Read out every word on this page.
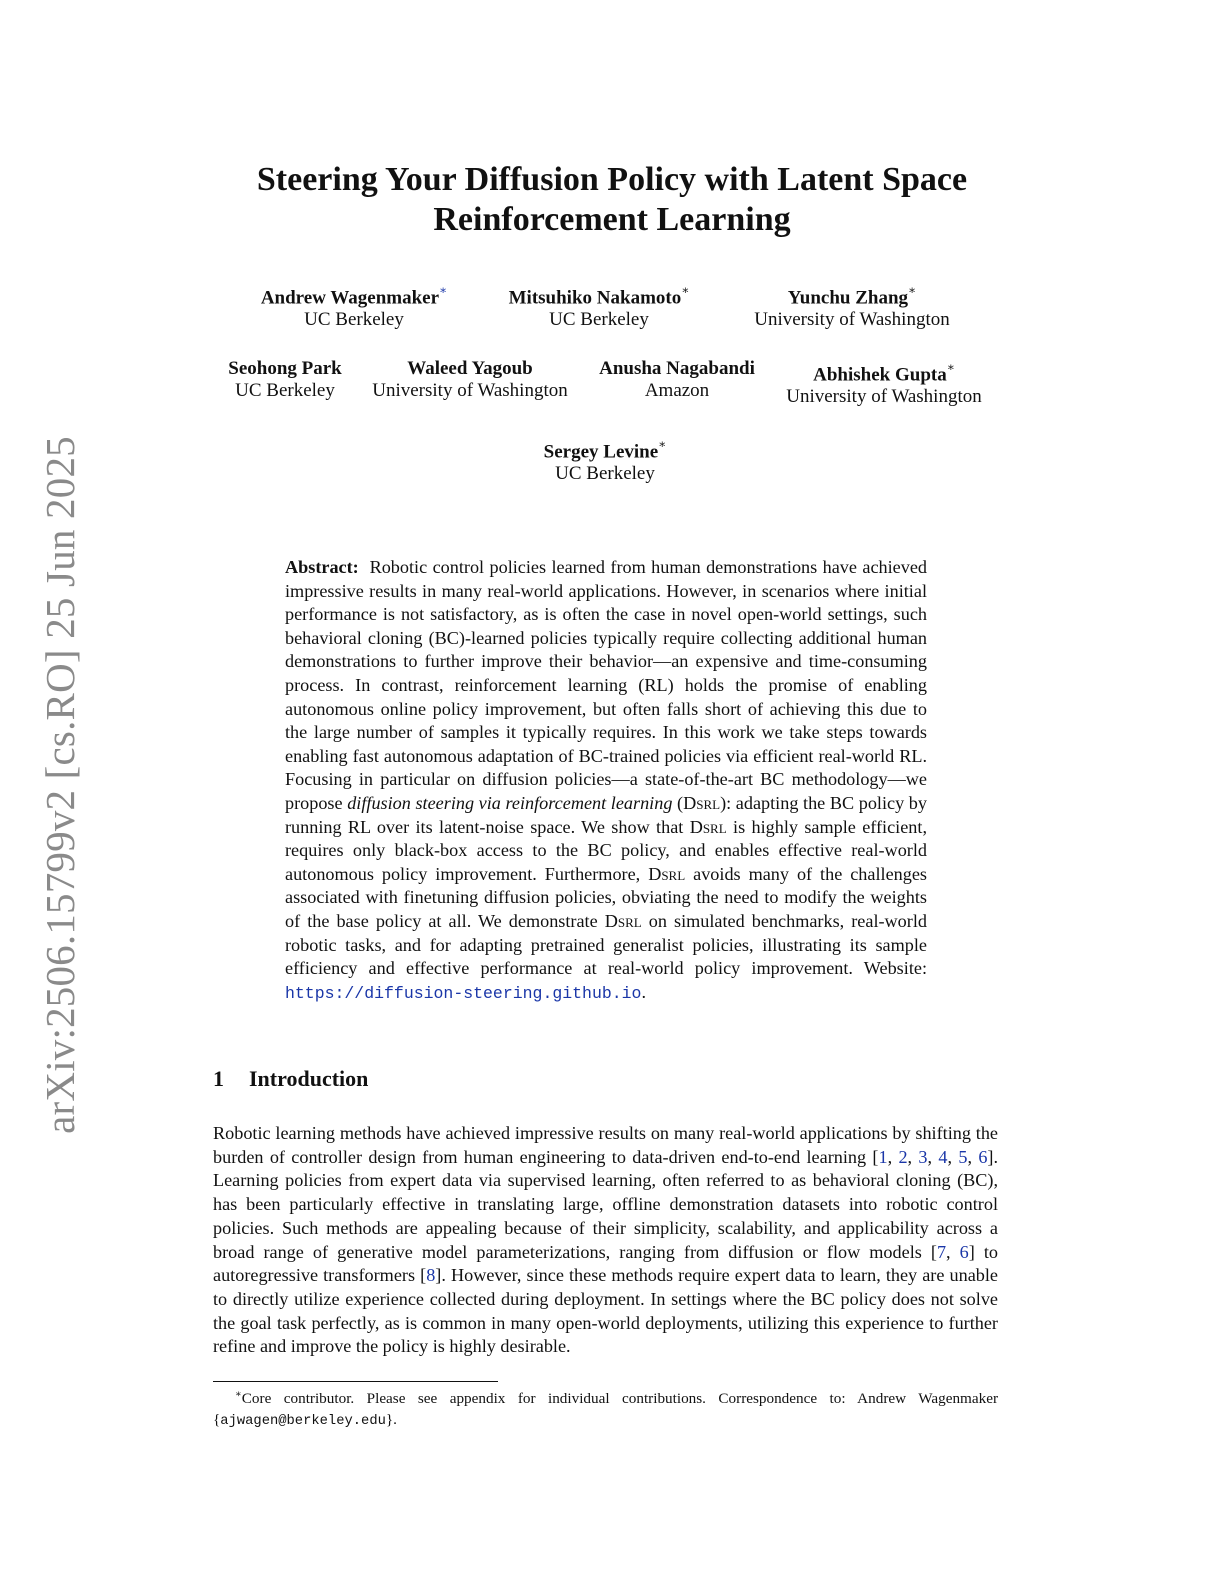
arXiv:2506.15799v2 [cs.RO] 25 Jun 2025
Steering Your Diffusion Policy with Latent Space
Reinforcement Learning
Andrew Wagenmaker∗
UC Berkeley
Mitsuhiko Nakamoto∗
UC Berkeley
Yunchu Zhang∗
University of Washington
Seohong Park
UC Berkeley
Waleed Yagoub
University of Washington
Anusha Nagabandi
Amazon
Abhishek Gupta∗
University of Washington
Sergey Levine∗
UC Berkeley
Abstract: Robotic control policies learned from human demonstrations have achieved impressive results in many real-world applications. However, in scenarios where initial performance is not satisfactory, as is often the case in novel open-world settings, such behavioral cloning (BC)-learned policies typically require collecting additional human demonstrations to further improve their behavior—an expensive and time-consuming process. In contrast, reinforcement learning (RL) holds the promise of enabling autonomous online policy improvement, but often falls short of achieving this due to the large number of samples it typically requires. In this work we take steps towards enabling fast autonomous adaptation of BC-trained policies via efficient real-world RL. Focusing in particular on diffusion policies—a state-of-the-art BC methodology—we propose diffusion steering via reinforcement learning (Dsrl): adapting the BC policy by running RL over its latent-noise space. We show that Dsrl is highly sample efficient, requires only black-box access to the BC policy, and enables effective real-world autonomous policy improvement. Furthermore, Dsrl avoids many of the challenges associated with finetuning diffusion policies, obviating the need to modify the weights of the base policy at all. We demonstrate Dsrl on simulated benchmarks, real-world robotic tasks, and for adapting pretrained generalist policies, illustrating its sample efficiency and effective performance at real-world policy improvement. Website: https://diffusion-steering.github.io.
1 Introduction
Robotic learning methods have achieved impressive results on many real-world applications by shifting the burden of controller design from human engineering to data-driven end-to-end learning [1, 2, 3, 4, 5, 6]. Learning policies from expert data via supervised learning, often referred to as behavioral cloning (BC), has been particularly effective in translating large, offline demonstration datasets into robotic control policies. Such methods are appealing because of their simplicity, scalability, and applicability across a broad range of generative model parameterizations, ranging from diffusion or flow models [7, 6] to autoregressive transformers [8]. However, since these methods require expert data to learn, they are unable to directly utilize experience collected during deployment. In settings where the BC policy does not solve the goal task perfectly, as is common in many open-world deployments, utilizing this experience to further refine and improve the policy is highly desirable.
∗Core contributor. Please see appendix for individual contributions. Correspondence to: Andrew Wagenmaker {ajwagen@berkeley.edu}.
